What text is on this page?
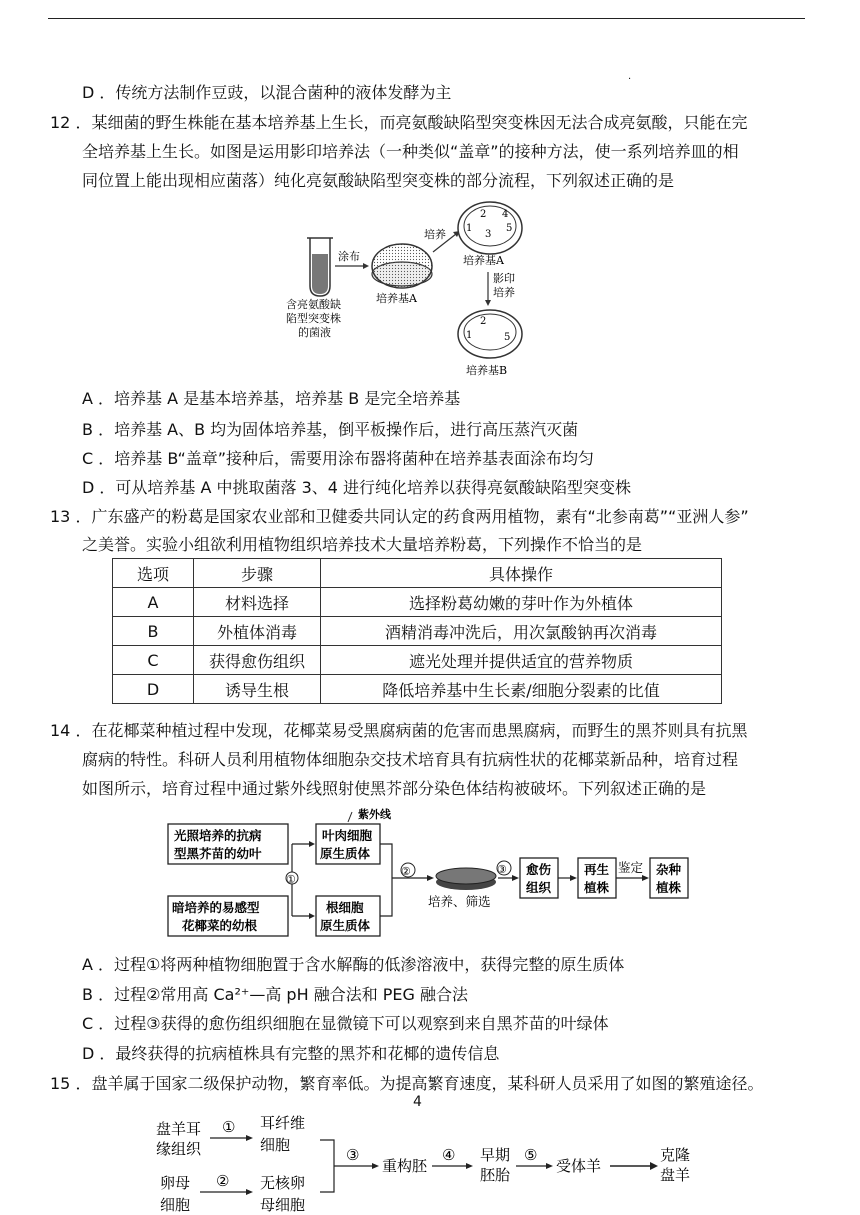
·
D ．传统方法制作豆豉，以混合菌种的液体发酵为主
12 ．某细菌的野生株能在基本培养基上生长，而亮氨酸缺陷型突变株因无法合成亮氨酸，只能在完
全培养基上生长。如图是运用影印培养法（一种类似“盖章”的接种方法，使一系列培养皿的相
同位置上能出现相应菌落）纯化亮氨酸缺陷型突变株的部分流程，下列叙述正确的是
含亮氨酸缺
陷型突变株
的菌液
涂布
培养基A
培养 1
2
3
4
5
培养基A
影印
培养
1
2
5
培养基B
A ．培养基 A 是基本培养基，培养基 B 是完全培养基
B ．培养基 A、B 均为固体培养基，倒平板操作后，进行高压蒸汽灭菌
C ．培养基 B“盖章”接种后，需要用涂布器将菌种在培养基表面涂布均匀
D ．可从培养基 A 中挑取菌落 3、4 进行纯化培养以获得亮氨酸缺陷型突变株
13 ．广东盛产的粉葛是国家农业部和卫健委共同认定的药食两用植物，素有“北参南葛”“亚洲人参”
之美誉。实验小组欲利用植物组织培养技术大量培养粉葛，下列操作不恰当的是
选项	步骤	具体操作
A	材料选择	选择粉葛幼嫩的芽叶作为外植体
B	外植体消毒	酒精消毒冲洗后，用次氯酸钠再次消毒
C	获得愈伤组织	遮光处理并提供适宜的营养物质
D	诱导生根	降低培养基中生长素/细胞分裂素的比值
14 ．在花椰菜种植过程中发现，花椰菜易受黑腐病菌的危害而患黑腐病，而野生的黑芥则具有抗黑
腐病的特性。科研人员利用植物体细胞杂交技术培育具有抗病性状的花椰菜新品种，培育过程
如图所示，培育过程中通过紫外线照射使黑芥部分染色体结构被破坏。下列叙述正确的是
光照培养的抗病
型黑芥苗的幼叶
暗培养的易感型
花椰菜的幼根
①
叶肉细胞
原生质体
紫外线
根细胞
原生质体
②
培养、筛选
③ 愈伤
组织
再生
植株
鉴定 杂种
植株
A ．过程①将两种植物细胞置于含水解酶的低渗溶液中，获得完整的原生质体
B ．过程②常用高 Ca²⁺—高 pH 融合法和 PEG 融合法
C ．过程③获得的愈伤组织细胞在显微镜下可以观察到来自黑芥苗的叶绿体
D ．最终获得的抗病植株具有完整的黑芥和花椰的遗传信息
15 ．盘羊属于国家二级保护动物，繁育率低。为提高繁育速度，某科研人员采用了如图的繁殖途径。
4
盘羊耳
缘组织
① 耳纤维
细胞
卵母
细胞
② 无核卵
母细胞
③
重构胚
④ 早期
胚胎
⑤
受体羊
克隆
盘羊
